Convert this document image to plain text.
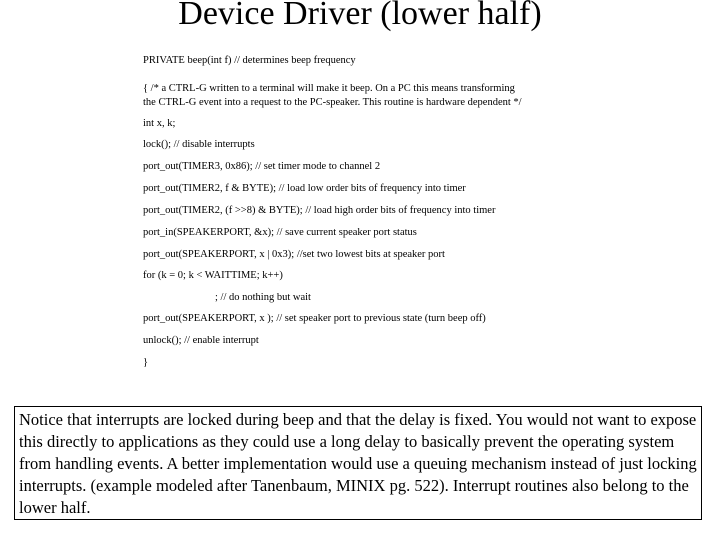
Device Driver (lower half)
PRIVATE beep(int f) // determines beep frequency
{ /* a CTRL-G written to a terminal will make it beep. On a PC this means transforming
the CTRL-G event into a request to the PC-speaker. This routine is hardware dependent */
int x, k;
lock(); // disable interrupts
port_out(TIMER3, 0x86); // set timer mode to channel 2
port_out(TIMER2, f & BYTE); // load low order bits of frequency into timer
port_out(TIMER2, (f >>8) & BYTE); // load high order bits of frequency into timer
port_in(SPEAKERPORT, &x); // save current speaker port status
port_out(SPEAKERPORT, x | 0x3); //set two lowest bits at speaker port
for (k = 0; k < WAITTIME; k++)
; // do nothing but wait
port_out(SPEAKERPORT, x ); // set speaker port to previous state (turn beep off)
unlock(); // enable interrupt
}
Notice that interrupts are locked during beep and that the delay is fixed. You would not want to expose this directly to applications as they could use a long delay to basically prevent the operating system from handling events. A better implementation would use a queuing mechanism instead of just locking interrupts. (example modeled after Tanenbaum, MINIX pg. 522). Interrupt routines also belong to the lower half.
